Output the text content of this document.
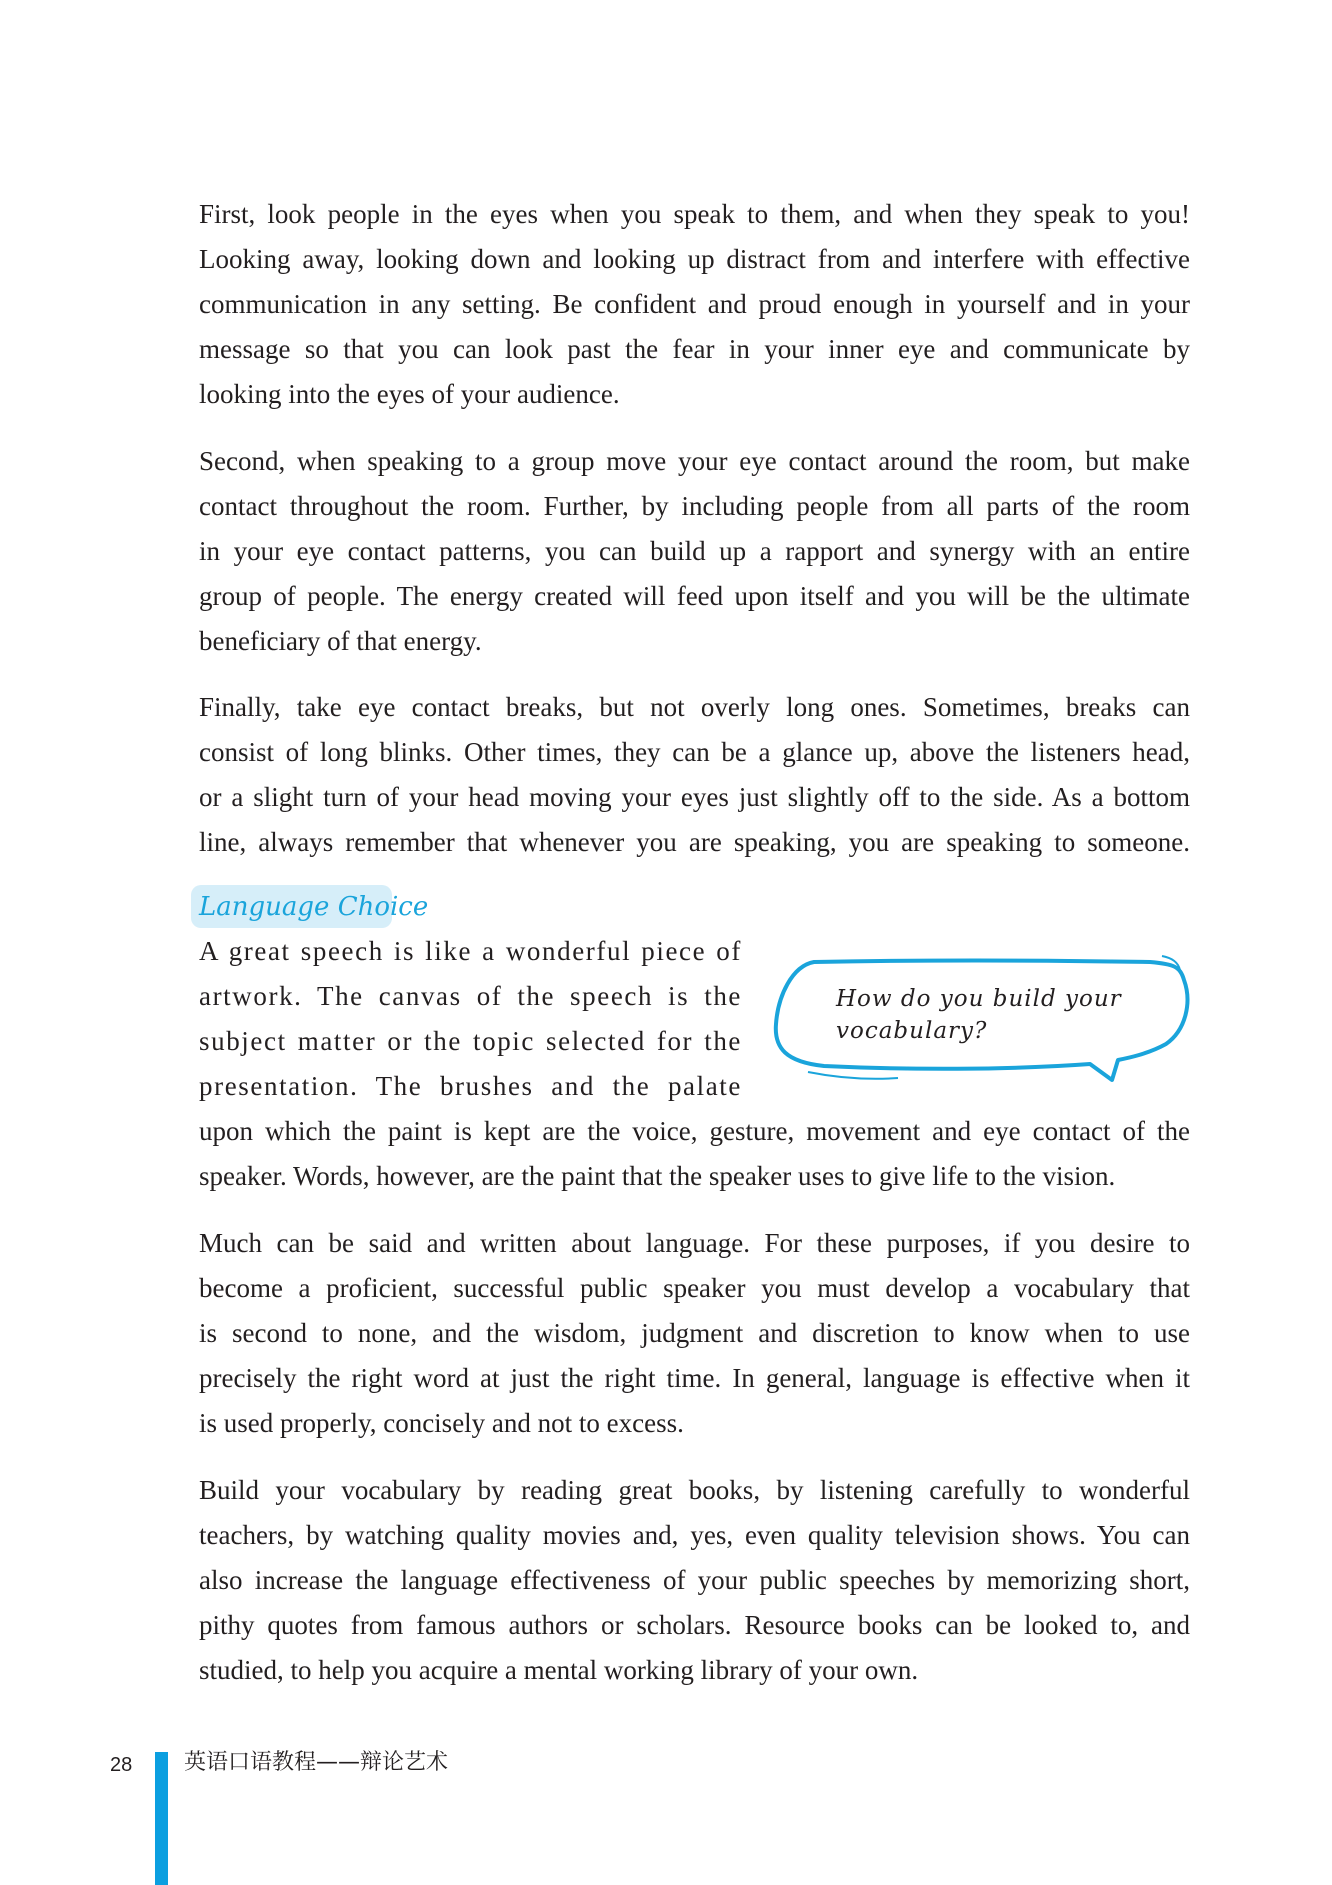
First, look people in the eyes when you speak to them, and when they speak to you!
Looking away, looking down and looking up distract from and interfere with effective
communication in any setting. Be confident and proud enough in yourself and in your
message so that you can look past the fear in your inner eye and communicate by
looking into the eyes of your audience.
Second, when speaking to a group move your eye contact around the room, but make
contact throughout the room. Further, by including people from all parts of the room
in your eye contact patterns, you can build up a rapport and synergy with an entire
group of people. The energy created will feed upon itself and you will be the ultimate
beneficiary of that energy.
Finally, take eye contact breaks, but not overly long ones. Sometimes, breaks can
consist of long blinks. Other times, they can be a glance up, above the listeners head,
or a slight turn of your head moving your eyes just slightly off to the side. As a bottom
line, always remember that whenever you are speaking, you are speaking to someone.
Language Choice
A great speech is like a wonderful piece of
artwork. The canvas of the speech is the
subject matter or the topic selected for the
presentation. The brushes and the palate
How do you build your
vocabulary?
upon which the paint is kept are the voice, gesture, movement and eye contact of the
speaker. Words, however, are the paint that the speaker uses to give life to the vision.
Much can be said and written about language. For these purposes, if you desire to
become a proficient, successful public speaker you must develop a vocabulary that
is second to none, and the wisdom, judgment and discretion to know when to use
precisely the right word at just the right time. In general, language is effective when it
is used properly, concisely and not to excess.
Build your vocabulary by reading great books, by listening carefully to wonderful
teachers, by watching quality movies and, yes, even quality television shows. You can
also increase the language effectiveness of your public speeches by memorizing short,
pithy quotes from famous authors or scholars. Resource books can be looked to, and
studied, to help you acquire a mental working library of your own.
28 英语口语教程——辩论艺术
